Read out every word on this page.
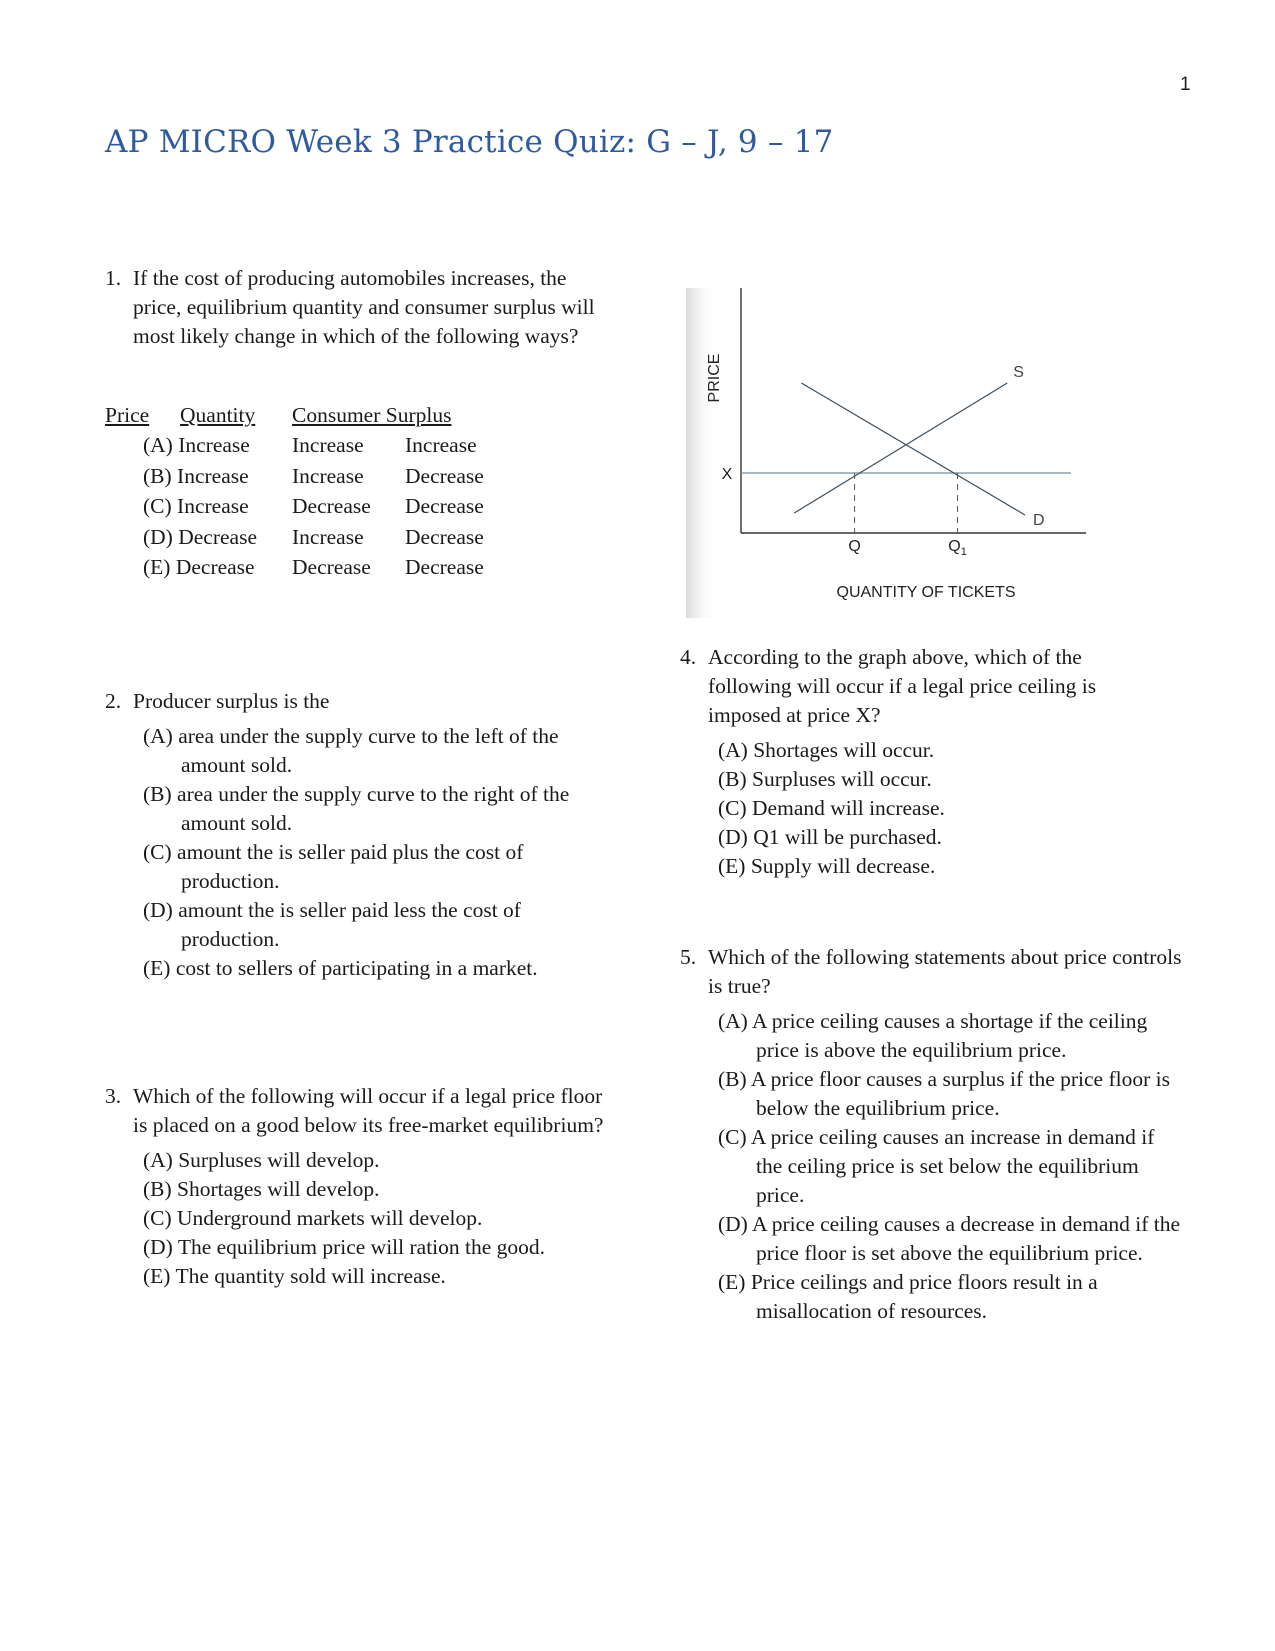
1
AP MICRO Week 3 Practice Quiz: G – J, 9 – 17
1. If the cost of producing automobiles increases, the price, equilibrium quantity and consumer surplus will most likely change in which of the following ways?
Price Quantity Consumer Surplus
(A) Increase Increase Increase
(B) Increase Increase Decrease
(C) Increase Decrease Decrease
(D) Decrease Increase Decrease
(E) Decrease Decrease Decrease
2. Producer surplus is the
(A) area under the supply curve to the left of the amount sold.
(B) area under the supply curve to the right of the amount sold.
(C) amount the is seller paid plus the cost of production.
(D) amount the is seller paid less the cost of production.
(E) cost to sellers of participating in a market.
3. Which of the following will occur if a legal price floor is placed on a good below its free-market equilibrium?
(A) Surpluses will develop.
(B) Shortages will develop.
(C) Underground markets will develop.
(D) The equilibrium price will ration the good.
(E) The quantity sold will increase.
PRICE
QUANTITY OF TICKETS
X
Q	$Q_1$
S
D
4. According to the graph above, which of the following will occur if a legal price ceiling is imposed at price X?
(A) Shortages will occur.
(B) Surpluses will occur.
(C) Demand will increase.
(D) Q1 will be purchased.
(E) Supply will decrease.
5. Which of the following statements about price controls is true?
(A) A price ceiling causes a shortage if the ceiling price is above the equilibrium price.
(B) A price floor causes a surplus if the price floor is below the equilibrium price.
(C) A price ceiling causes an increase in demand if the ceiling price is set below the equilibrium price.
(D) A price ceiling causes a decrease in demand if the price floor is set above the equilibrium price.
(E) Price ceilings and price floors result in a misallocation of resources.
